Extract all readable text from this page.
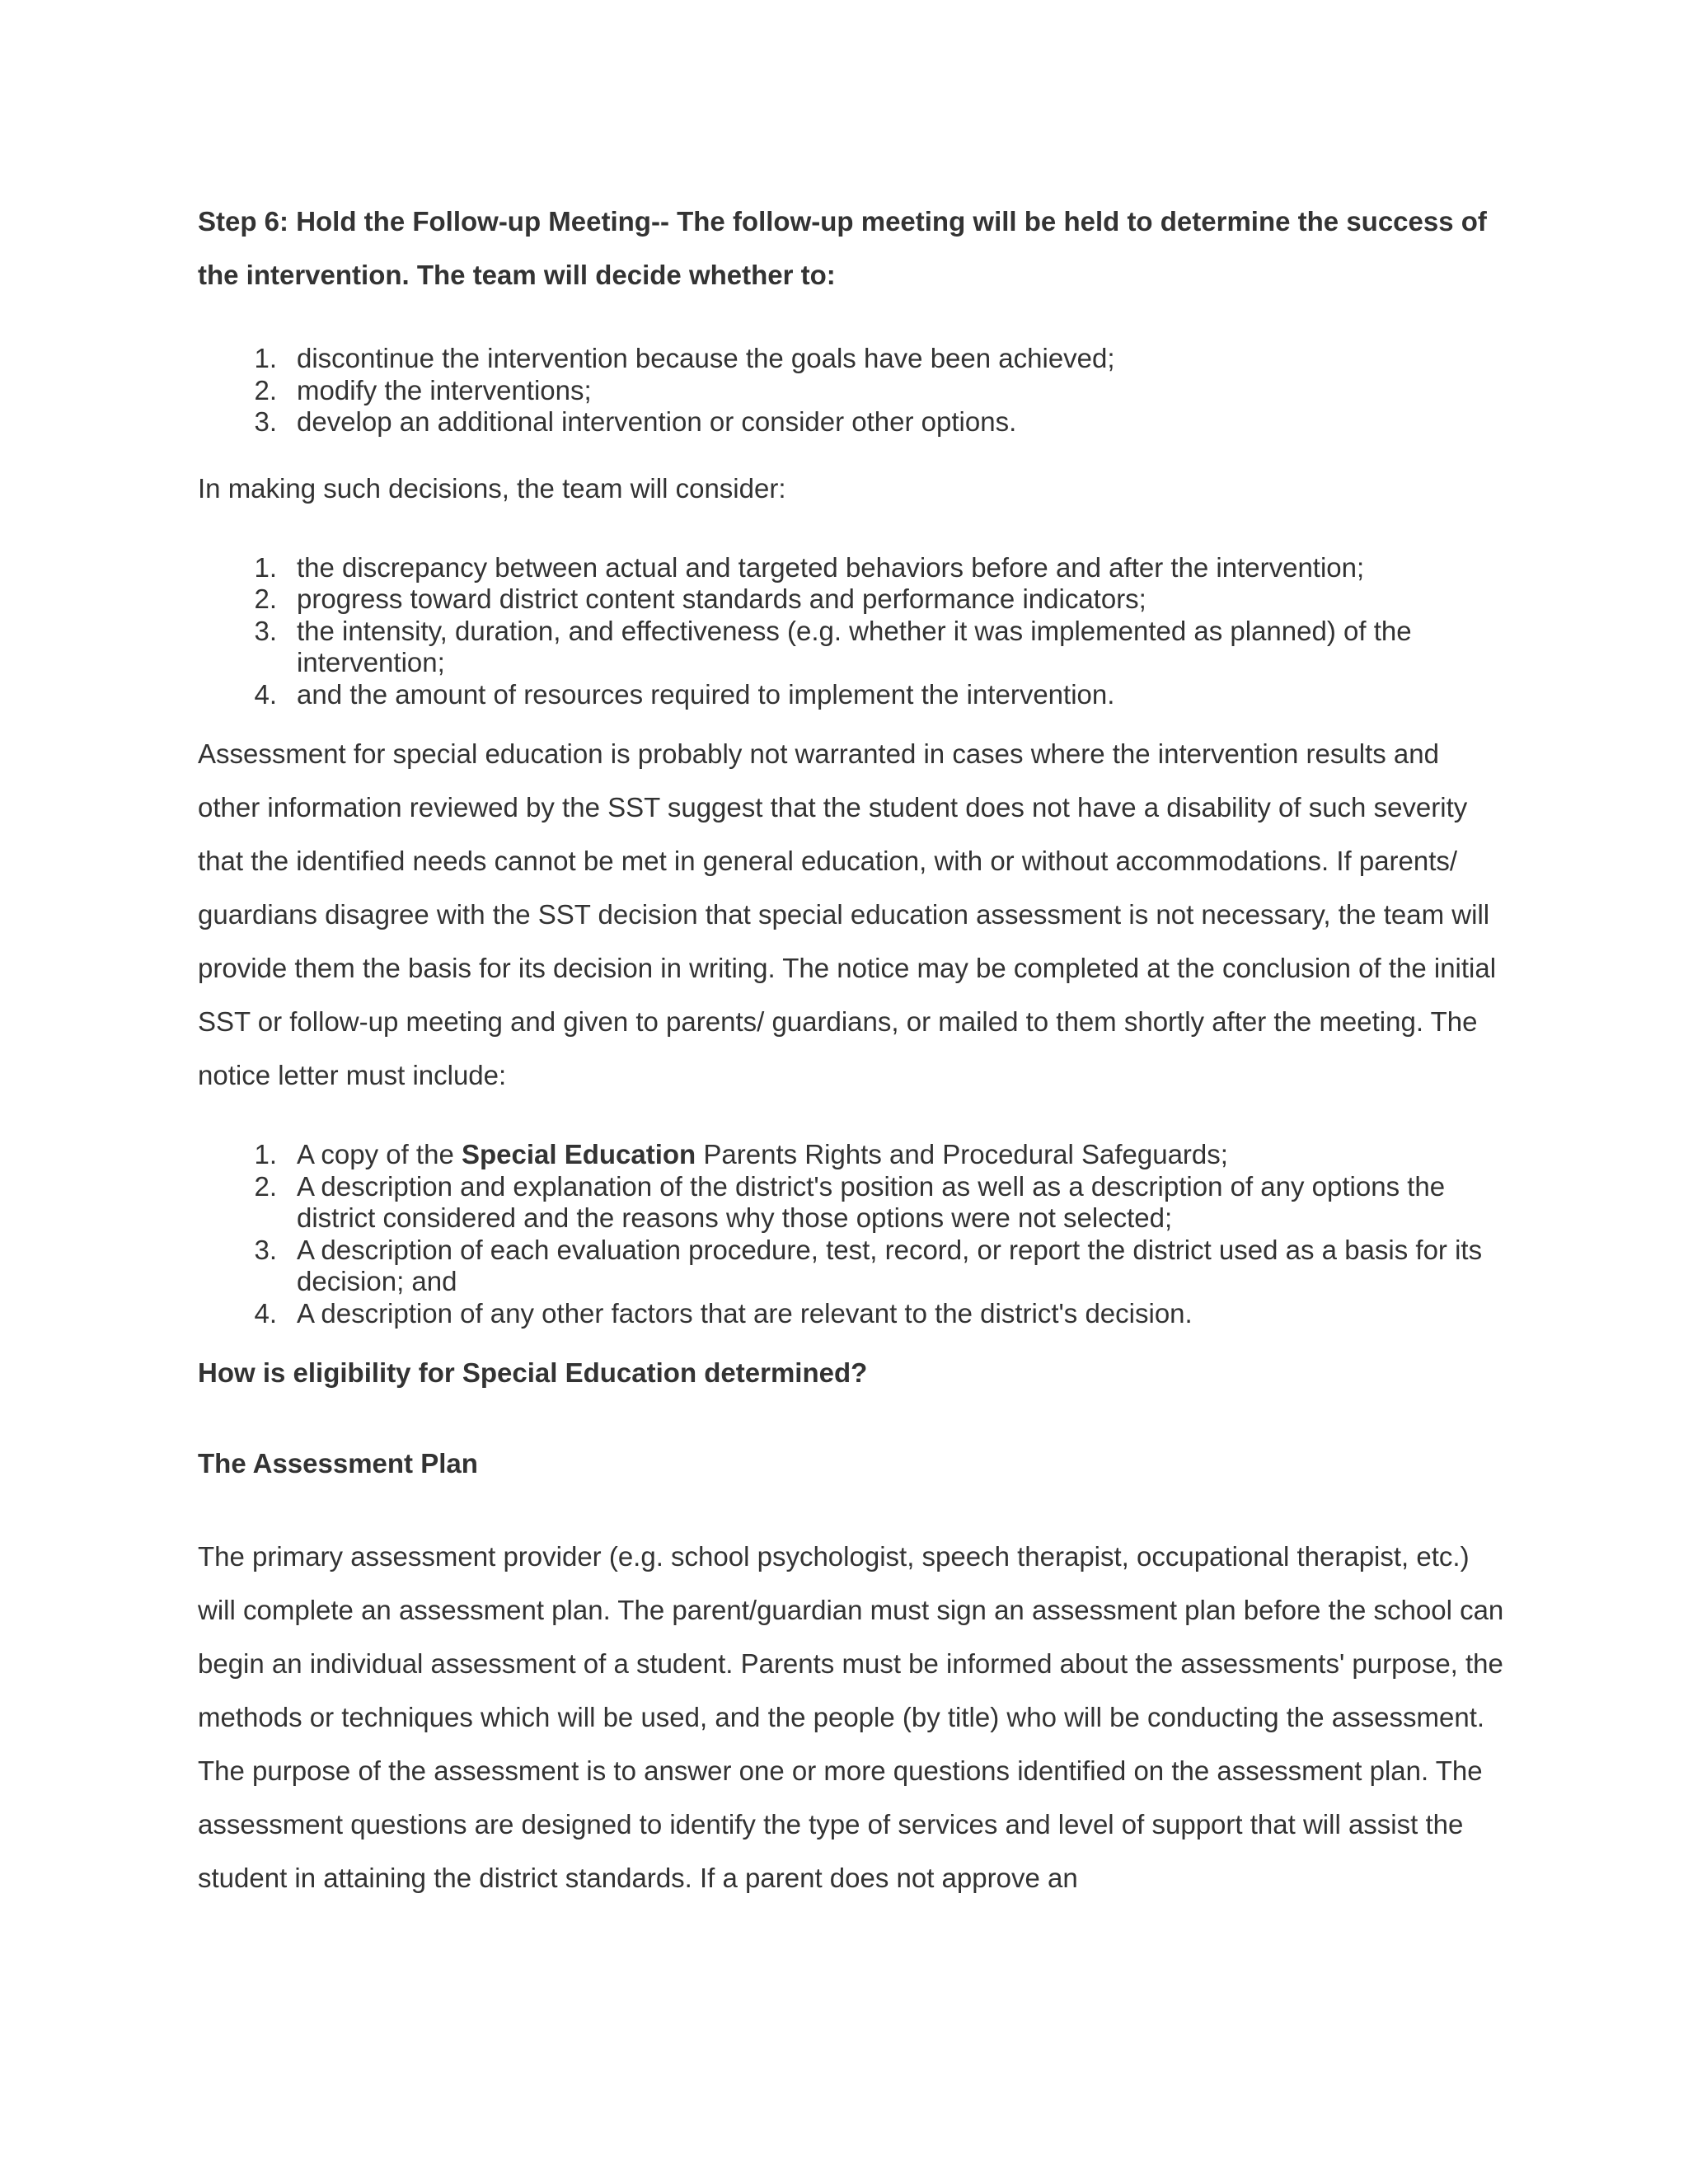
Step 6: Hold the Follow-up Meeting-- The follow-up meeting will be held to determine the success of the intervention. The team will decide whether to:

1. discontinue the intervention because the goals have been achieved;
2. modify the interventions;
3. develop an additional intervention or consider other options.

In making such decisions, the team will consider:

1. the discrepancy between actual and targeted behaviors before and after the intervention;
2. progress toward district content standards and performance indicators;
3. the intensity, duration, and effectiveness (e.g. whether it was implemented as planned) of the intervention;
4. and the amount of resources required to implement the intervention.

Assessment for special education is probably not warranted in cases where the intervention results and other information reviewed by the SST suggest that the student does not have a disability of such severity that the identified needs cannot be met in general education, with or without accommodations. If parents/ guardians disagree with the SST decision that special education assessment is not necessary, the team will provide them the basis for its decision in writing. The notice may be completed at the conclusion of the initial SST or follow-up meeting and given to parents/ guardians, or mailed to them shortly after the meeting. The notice letter must include:

1. A copy of the Special Education Parents Rights and Procedural Safeguards;
2. A description and explanation of the district's position as well as a description of any options the district considered and the reasons why those options were not selected;
3. A description of each evaluation procedure, test, record, or report the district used as a basis for its decision; and
4. A description of any other factors that are relevant to the district's decision.

How is eligibility for Special Education determined?

The Assessment Plan

The primary assessment provider (e.g. school psychologist, speech therapist, occupational therapist, etc.) will complete an assessment plan. The parent/guardian must sign an assessment plan before the school can begin an individual assessment of a student. Parents must be informed about the assessments' purpose, the methods or techniques which will be used, and the people (by title) who will be conducting the assessment. The purpose of the assessment is to answer one or more questions identified on the assessment plan. The assessment questions are designed to identify the type of services and level of support that will assist the student in attaining the district standards. If a parent does not approve an
